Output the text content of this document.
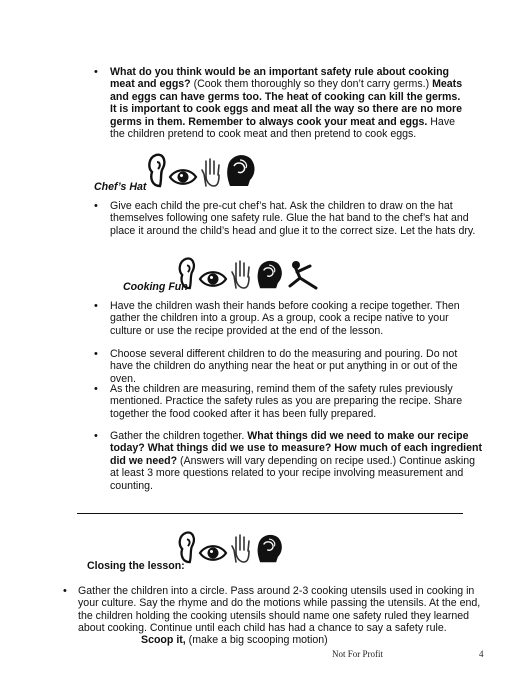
• What do you think would be an important safety rule about cooking meat and eggs? (Cook them thoroughly so they don’t carry germs.) Meats and eggs can have germs too. The heat of cooking can kill the germs. It is important to cook eggs and meat all the way so there are no more germs in them. Remember to always cook your meat and eggs. Have the children pretend to cook meat and then pretend to cook eggs.
Chef’s Hat
• Give each child the pre-cut chef’s hat. Ask the children to draw on the hat themselves following one safety rule. Glue the hat band to the chef’s hat and place it around the child’s head and glue it to the correct size. Let the hats dry.
Cooking Fun
• Have the children wash their hands before cooking a recipe together. Then gather the children into a group. As a group, cook a recipe native to your culture or use the recipe provided at the end of the lesson.
• Choose several different children to do the measuring and pouring. Do not have the children do anything near the heat or put anything in or out of the oven.
• As the children are measuring, remind them of the safety rules previously mentioned. Practice the safety rules as you are preparing the recipe. Share together the food cooked after it has been fully prepared.
• Gather the children together. What things did we need to make our recipe today? What things did we use to measure? How much of each ingredient did we need? (Answers will vary depending on recipe used.) Continue asking at least 3 more questions related to your recipe involving measurement and counting.
Closing the lesson:
• Gather the children into a circle. Pass around 2-3 cooking utensils used in cooking in your culture. Say the rhyme and do the motions while passing the utensils. At the end, the children holding the cooking utensils should name one safety ruled they learned about cooking. Continue until each child has had a chance to say a safety rule.
Scoop it, (make a big scooping motion)
Not For Profit	4
